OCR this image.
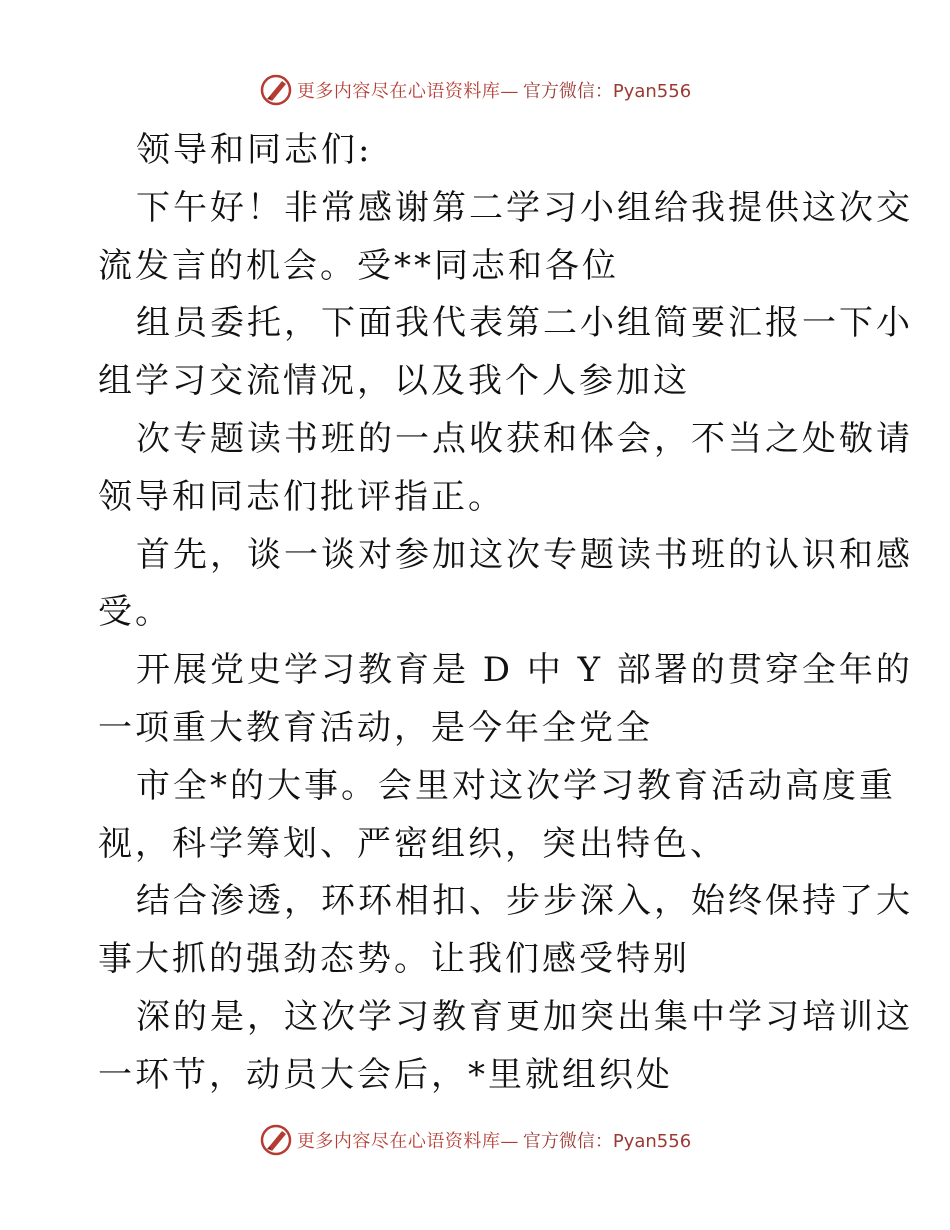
更多内容尽在心语资料库— 官方微信：Pyan556
领导和同志们:
下午好！非常感谢第二学习小组给我提供这次交
流发言的机会。受**同志和各位
组员委托，下面我代表第二小组简要汇报一下小
组学习交流情况，以及我个人参加这
次专题读书班的一点收获和体会，不当之处敬请
领导和同志们批评指正。
首先，谈一谈对参加这次专题读书班的认识和感
受。
开展党史学习教育是 D 中 Y 部署的贯穿全年的
一项重大教育活动，是今年全党全
市全*的大事。会里对这次学习教育活动高度重
视，科学筹划、严密组织，突出特色、
结合渗透，环环相扣、步步深入，始终保持了大
事大抓的强劲态势。让我们感受特别
深的是，这次学习教育更加突出集中学习培训这
一环节，动员大会后，*里就组织处
更多内容尽在心语资料库— 官方微信：Pyan556
